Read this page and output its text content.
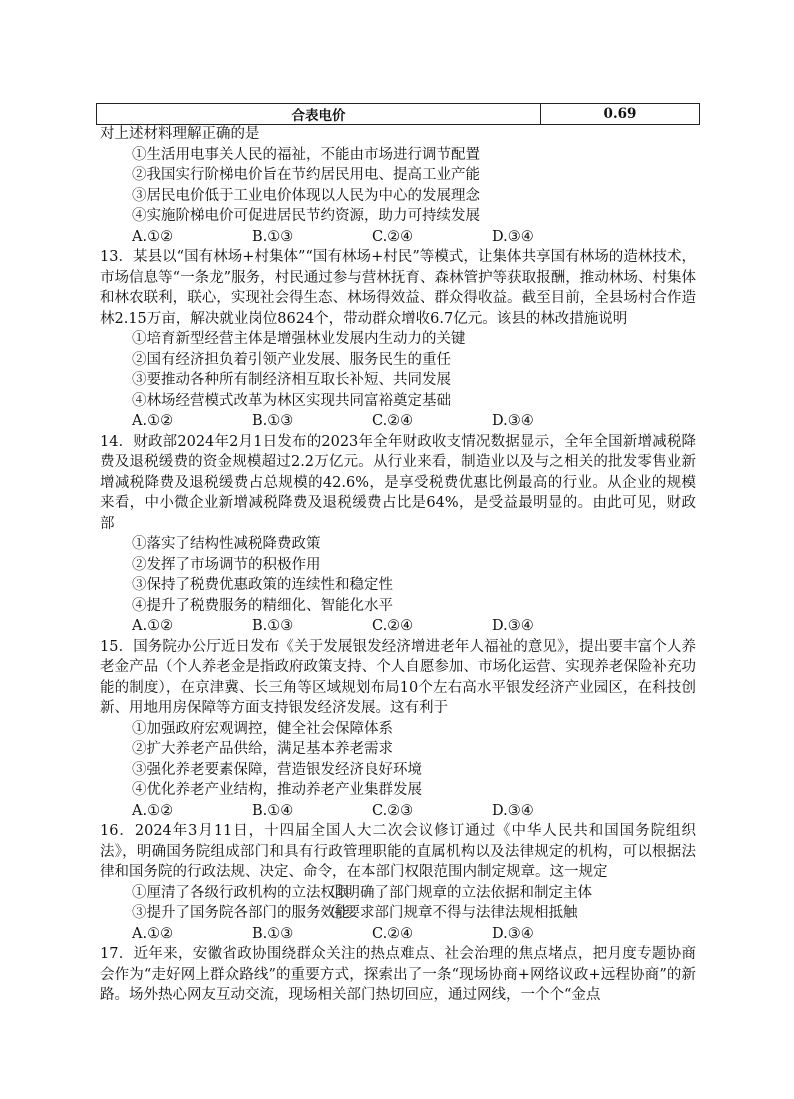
合表电价	0.69

对上述材料理解正确的是

①生活用电事关人民的福祉，不能由市场进行调节配置

②我国实行阶梯电价旨在节约居民用电、提高工业产能

③居民电价低于工业电价体现以人民为中心的发展理念

④实施阶梯电价可促进居民节约资源，助力可持续发展

A.①②	B.①③	C.②④	D.③④

13．某县以“国有林场+村集体”“国有林场+村民”等模式，让集体共享国有林场的造林技术，市场信息等“一条龙”服务，村民通过参与营林抚育、森林管护等获取报酬，推动林场、村集体和林农联利，联心，实现社会得生态、林场得效益、群众得收益。截至目前，全县场村合作造林2.15万亩，解决就业岗位8624个，带动群众增收6.7亿元。该县的林改措施说明

①培育新型经营主体是增强林业发展内生动力的关键

②国有经济担负着引领产业发展、服务民生的重任

③要推动各种所有制经济相互取长补短、共同发展

④林场经营模式改革为林区实现共同富裕奠定基础

A.①②	B.①③	C.②④	D.③④

14．财政部2024年2月1日发布的2023年全年财政收支情况数据显示，全年全国新增减税降费及退税缓费的资金规模超过2.2万亿元。从行业来看，制造业以及与之相关的批发零售业新增减税降费及退税缓费占总规模的42.6%，是享受税费优惠比例最高的行业。从企业的规模来看，中小微企业新增减税降费及退税缓费占比是64%，是受益最明显的。由此可见，财政部

①落实了结构性减税降费政策

②发挥了市场调节的积极作用

③保持了税费优惠政策的连续性和稳定性

④提升了税费服务的精细化、智能化水平

A.①②	B.①③	C.②④	D.③④

15．国务院办公厅近日发布《关于发展银发经济增进老年人福祉的意见》，提出要丰富个人养老金产品（个人养老金是指政府政策支持、个人自愿参加、市场化运营、实现养老保险补充功能的制度），在京津冀、长三角等区域规划布局10个左右高水平银发经济产业园区，在科技创新、用地用房保障等方面支持银发经济发展。这有利于

①加强政府宏观调控，健全社会保障体系

②扩大养老产品供给，满足基本养老需求

③强化养老要素保障，营造银发经济良好环境

④优化养老产业结构，推动养老产业集群发展

A.①②	B.①④	C.②③	D.③④

16．2024年3月11日，十四届全国人大二次会议修订通过《中华人民共和国国务院组织法》，明确国务院组成部门和具有行政管理职能的直属机构以及法律规定的机构，可以根据法律和国务院的行政法规、决定、命令，在本部门权限范围内制定规章。这一规定

①厘清了各级行政机构的立法权限
②明确了部门规章的立法依据和制定主体
③提升了国务院各部门的服务效能
④要求部门规章不得与法律法规相抵触
A.①②	B.①③	C.②④	D.③④

17．近年来，安徽省政协围绕群众关注的热点难点、社会治理的焦点堵点，把月度专题协商会作为“走好网上群众路线”的重要方式，探索出了一条“现场协商+网络议政+远程协商”的新路。场外热心网友互动交流，现场相关部门热切回应，通过网线，一个个“金点
